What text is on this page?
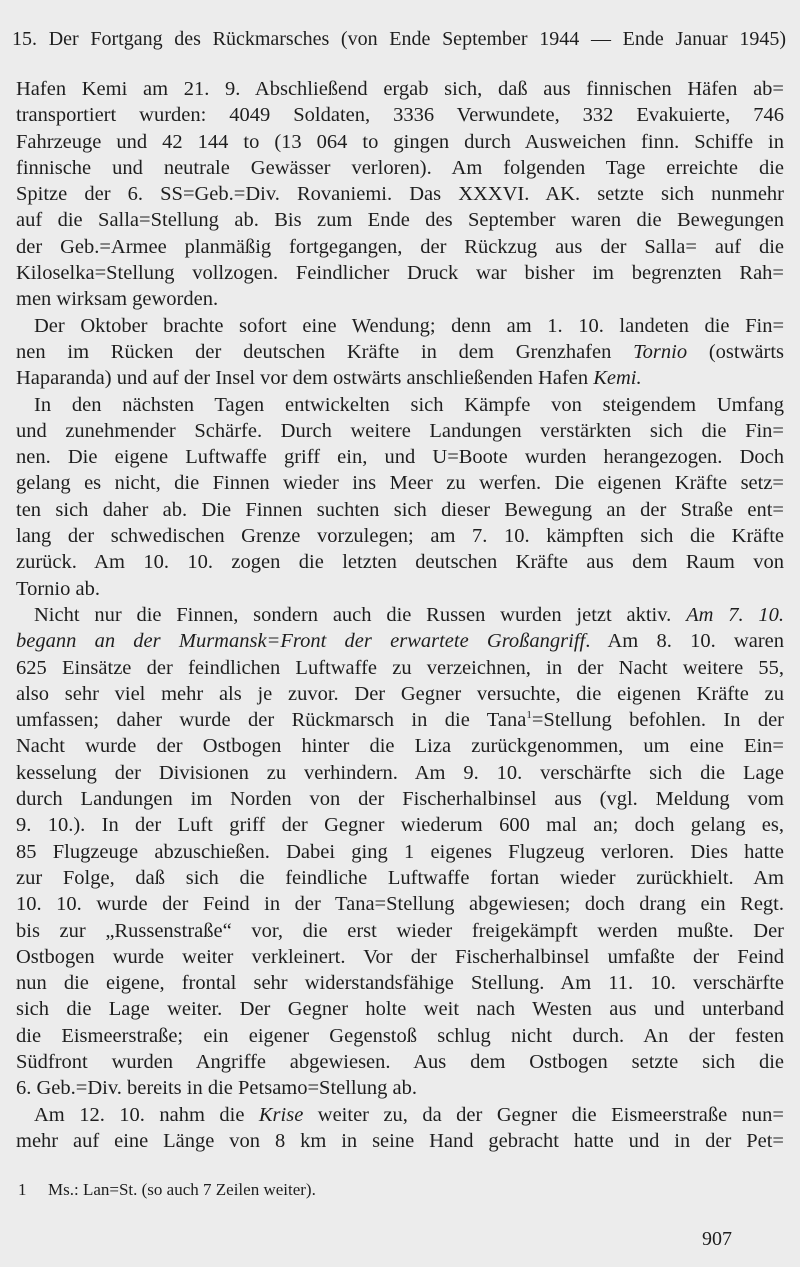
15. Der Fortgang des Rückmarsches (von Ende September 1944 — Ende Januar 1945)
Hafen Kemi am 21. 9. Abschließend ergab sich, daß aus finnischen Häfen ab=
transportiert wurden: 4049 Soldaten, 3336 Verwundete, 332 Evakuierte, 746
Fahrzeuge und 42 144 to (13 064 to gingen durch Ausweichen finn. Schiffe in
finnische und neutrale Gewässer verloren). Am folgenden Tage erreichte die
Spitze der 6. SS=Geb.=Div. Rovaniemi. Das XXXVI. AK. setzte sich nunmehr
auf die Salla=Stellung ab. Bis zum Ende des September waren die Bewegungen
der Geb.=Armee planmäßig fortgegangen, der Rückzug aus der Salla= auf die
Kiloselka=Stellung vollzogen. Feindlicher Druck war bisher im begrenzten Rah=
men wirksam geworden.
Der Oktober brachte sofort eine Wendung; denn am 1. 10. landeten die Fin=
nen im Rücken der deutschen Kräfte in dem Grenzhafen Tornio (ostwärts
Haparanda) und auf der Insel vor dem ostwärts anschließenden Hafen Kemi.
In den nächsten Tagen entwickelten sich Kämpfe von steigendem Umfang
und zunehmender Schärfe. Durch weitere Landungen verstärkten sich die Fin=
nen. Die eigene Luftwaffe griff ein, und U=Boote wurden herangezogen. Doch
gelang es nicht, die Finnen wieder ins Meer zu werfen. Die eigenen Kräfte setz=
ten sich daher ab. Die Finnen suchten sich dieser Bewegung an der Straße ent=
lang der schwedischen Grenze vorzulegen; am 7. 10. kämpften sich die Kräfte
zurück. Am 10. 10. zogen die letzten deutschen Kräfte aus dem Raum von
Tornio ab.
Nicht nur die Finnen, sondern auch die Russen wurden jetzt aktiv. Am 7. 10.
begann an der Murmansk=Front der erwartete Großangriff. Am 8. 10. waren
625 Einsätze der feindlichen Luftwaffe zu verzeichnen, in der Nacht weitere 55,
also sehr viel mehr als je zuvor. Der Gegner versuchte, die eigenen Kräfte zu
umfassen; daher wurde der Rückmarsch in die Tana$^1$=Stellung befohlen. In der
Nacht wurde der Ostbogen hinter die Liza zurückgenommen, um eine Ein=
kesselung der Divisionen zu verhindern. Am 9. 10. verschärfte sich die Lage
durch Landungen im Norden von der Fischerhalbinsel aus (vgl. Meldung vom
9. 10.). In der Luft griff der Gegner wiederum 600 mal an; doch gelang es,
85 Flugzeuge abzuschießen. Dabei ging 1 eigenes Flugzeug verloren. Dies hatte
zur Folge, daß sich die feindliche Luftwaffe fortan wieder zurückhielt. Am
10. 10. wurde der Feind in der Tana=Stellung abgewiesen; doch drang ein Regt.
bis zur „Russenstraße“ vor, die erst wieder freigekämpft werden mußte. Der
Ostbogen wurde weiter verkleinert. Vor der Fischerhalbinsel umfaßte der Feind
nun die eigene, frontal sehr widerstandsfähige Stellung. Am 11. 10. verschärfte
sich die Lage weiter. Der Gegner holte weit nach Westen aus und unterband
die Eismeerstraße; ein eigener Gegenstoß schlug nicht durch. An der festen
Südfront wurden Angriffe abgewiesen. Aus dem Ostbogen setzte sich die
6. Geb.=Div. bereits in die Petsamo=Stellung ab.
Am 12. 10. nahm die Krise weiter zu, da der Gegner die Eismeerstraße nun=
mehr auf eine Länge von 8 km in seine Hand gebracht hatte und in der Pet=
1 Ms.: Lan=St. (so auch 7 Zeilen weiter).
907
